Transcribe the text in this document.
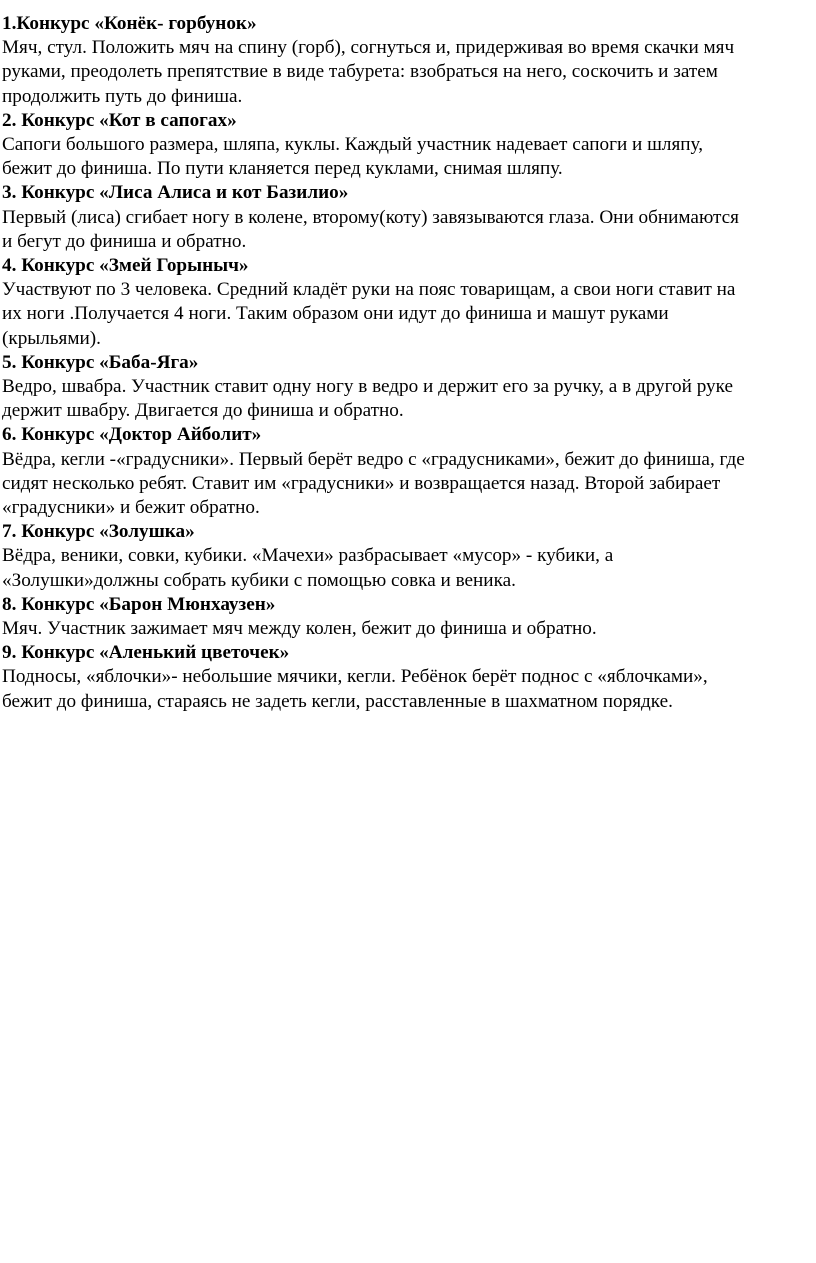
1.Конкурс «Конёк- горбунок»
Мяч, стул. Положить мяч на спину (горб), согнуться и, придерживая во время скачки мяч
руками, преодолеть препятствие в виде табурета: взобраться на него, соскочить и затем
продолжить путь до финиша.
2. Конкурс «Кот в сапогах»
Сапоги большого размера, шляпа, куклы. Каждый участник надевает сапоги и шляпу,
бежит до финиша. По пути кланяется перед куклами, снимая шляпу.
3. Конкурс «Лиса Алиса и кот Базилио»
Первый (лиса) сгибает ногу в колене, второму(коту) завязываются глаза. Они обнимаются
и бегут до финиша и обратно.
4. Конкурс «Змей Горыныч»
Участвуют по 3 человека. Средний кладёт руки на пояс товарищам, а свои ноги ставит на
их ноги .Получается 4 ноги. Таким образом они идут до финиша и машут руками
(крыльями).
5. Конкурс «Баба-Яга»
Ведро, швабра. Участник ставит одну ногу в ведро и держит его за ручку, а в другой руке
держит швабру. Двигается до финиша и обратно.
6. Конкурс «Доктор Айболит»
Вёдра, кегли -«градусники». Первый берёт ведро с «градусниками», бежит до финиша, где
сидят несколько ребят. Ставит им «градусники» и возвращается назад. Второй забирает
«градусники» и бежит обратно.
7. Конкурс «Золушка»
Вёдра, веники, совки, кубики. «Мачехи» разбрасывает «мусор» - кубики, а
«Золушки»должны собрать кубики с помощью совка и веника.
8. Конкурс «Барон Мюнхаузен»
Мяч. Участник зажимает мяч между колен, бежит до финиша и обратно.
9. Конкурс «Аленький цветочек»
Подносы, «яблочки»- небольшие мячики, кегли. Ребёнок берёт поднос с «яблочками»,
бежит до финиша, стараясь не задеть кегли, расставленные в шахматном порядке.
